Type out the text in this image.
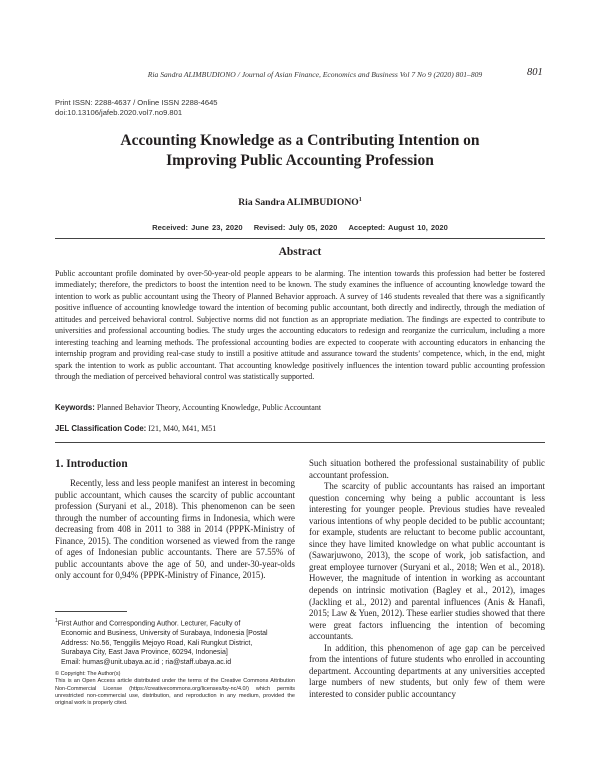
Ria Sandra ALIMBUDIONO / Journal of Asian Finance, Economics and Business Vol 7 No 9 (2020) 801–809	801
Print ISSN: 2288-4637 / Online ISSN 2288-4645
doi:10.13106/jafeb.2020.vol7.no9.801
Accounting Knowledge as a Contributing Intention on
Improving Public Accounting Profession
Ria Sandra ALIMBUDIONO$^1$
Received: June 23, 2020 Revised: July 05, 2020 Accepted: August 10, 2020
Abstract
Public accountant profile dominated by over-50-year-old people appears to be alarming. The intention towards this profession had better be fostered immediately; therefore, the predictors to boost the intention need to be known. The study examines the influence of accounting knowledge toward the intention to work as public accountant using the Theory of Planned Behavior approach. A survey of 146 students revealed that there was a significantly positive influence of accounting knowledge toward the intention of becoming public accountant, both directly and indirectly, through the mediation of attitudes and perceived behavioral control. Subjective norms did not function as an appropriate mediation. The findings are expected to contribute to universities and professional accounting bodies. The study urges the accounting educators to redesign and reorganize the curriculum, including a more interesting teaching and learning methods. The professional accounting bodies are expected to cooperate with accounting educators in enhancing the internship program and providing real-case study to instill a positive attitude and assurance toward the students’ competence, which, in the end, might spark the intention to work as public accountant. That accounting knowledge positively influences the intention toward public accounting profession through the mediation of perceived behavioral control was statistically supported.
Keywords: Planned Behavior Theory, Accounting Knowledge, Public Accountant
JEL Classification Code: I21, M40, M41, M51
1. Introduction

Recently, less and less people manifest an interest in becoming public accountant, which causes the scarcity of public accountant profession (Suryani et al., 2018). This phenomenon can be seen through the number of accounting firms in Indonesia, which were decreasing from 408 in 2011 to 388 in 2014 (PPPK-Ministry of Finance, 2015). The condition worsened as viewed from the range of ages of Indonesian public accountants. There are 57.55% of public accountants above the age of 50, and under-30-year-olds only account for 0,94% (PPPK-Ministry of Finance, 2015).

$^1$First Author and Corresponding Author. Lecturer, Faculty of
Economic and Business, University of Surabaya, Indonesia [Postal
Address: No.56, Tenggilis Mejoyo Road, Kali Rungkut District,
Surabaya City, East Java Province, 60294, Indonesia]
Email: humas@unit.ubaya.ac.id ; ria@staff.ubaya.ac.id
© Copyright: The Author(s)
This is an Open Access article distributed under the terms of the Creative Commons Attribution Non-Commercial License (https://creativecommons.org/licenses/by-nc/4.0/) which permits unrestricted non-commercial use, distribution, and reproduction in any medium, provided the original work is properly cited.

Such situation bothered the professional sustainability of public accountant profession.

The scarcity of public accountants has raised an important question concerning why being a public accountant is less interesting for younger people. Previous studies have revealed various intentions of why people decided to be public accountant; for example, students are reluctant to become public accountant, since they have limited knowledge on what public accountant is (Sawarjuwono, 2013), the scope of work, job satisfaction, and great employee turnover (Suryani et al., 2018; Wen et al., 2018). However, the magnitude of intention in working as accountant depends on intrinsic motivation (Bagley et al., 2012), images (Jackling et al., 2012) and parental influences (Anis & Hanafi, 2015; Law & Yuen, 2012). These earlier studies showed that there were great factors influencing the intention of becoming accountants.

In addition, this phenomenon of age gap can be perceived from the intentions of future students who enrolled in accounting department. Accounting departments at any universities accepted large numbers of new students, but only few of them were interested to consider public accountancy
